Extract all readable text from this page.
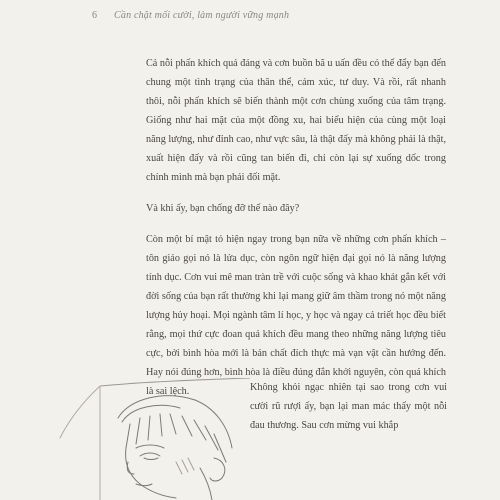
6 Cần chặt mối cười, làm người vững mạnh

Cả nỗi phấn khích quá đáng và cơn buồn bã u uấn đều có thể đẩy bạn đến chung một tình trạng của thân thể, cảm xúc, tư duy. Và rồi, rất nhanh thôi, nỗi phấn khích sẽ biến thành một cơn chùng xuống của tâm trạng. Giống như hai mặt của một đồng xu, hai biểu hiện của cùng một loại năng lượng, như đỉnh cao, như vực sâu, là thật đấy mà không phải là thật, xuất hiện đấy và rồi cũng tan biến đi, chỉ còn lại sự xuống dốc trong chính mình mà bạn phải đối mặt.

Và khi ấy, bạn chống đỡ thế nào đây?

Còn một bí mật tỏ hiện ngay trong bạn nữa về những cơn phấn khích – tôn giáo gọi nó là lửa dục, còn ngôn ngữ hiện đại gọi nó là năng lượng tính dục. Cơn vui mê man tràn trề với cuộc sống và khao khát gắn kết với đời sống của bạn rất thường khi lại mang giữ âm thầm trong nó một năng lượng hủy hoại. Mọi ngành tâm lí học, y học và ngay cả triết học đều biết rằng, mọi thứ cực đoan quá khích đều mang theo những năng lượng tiêu cực, bởi bình hòa mới là bản chất đích thực mà vạn vật cần hướng đến. Hay nói đúng hơn, bình hòa là điều đúng đắn khởi nguyên, còn quá khích là sai lệch.	Không khỏi ngạc nhiên tại sao trong cơn vui cười rũ rượi ấy, bạn lại man mác thấy một nỗi đau thương. Sau cơn mừng vui khắp
